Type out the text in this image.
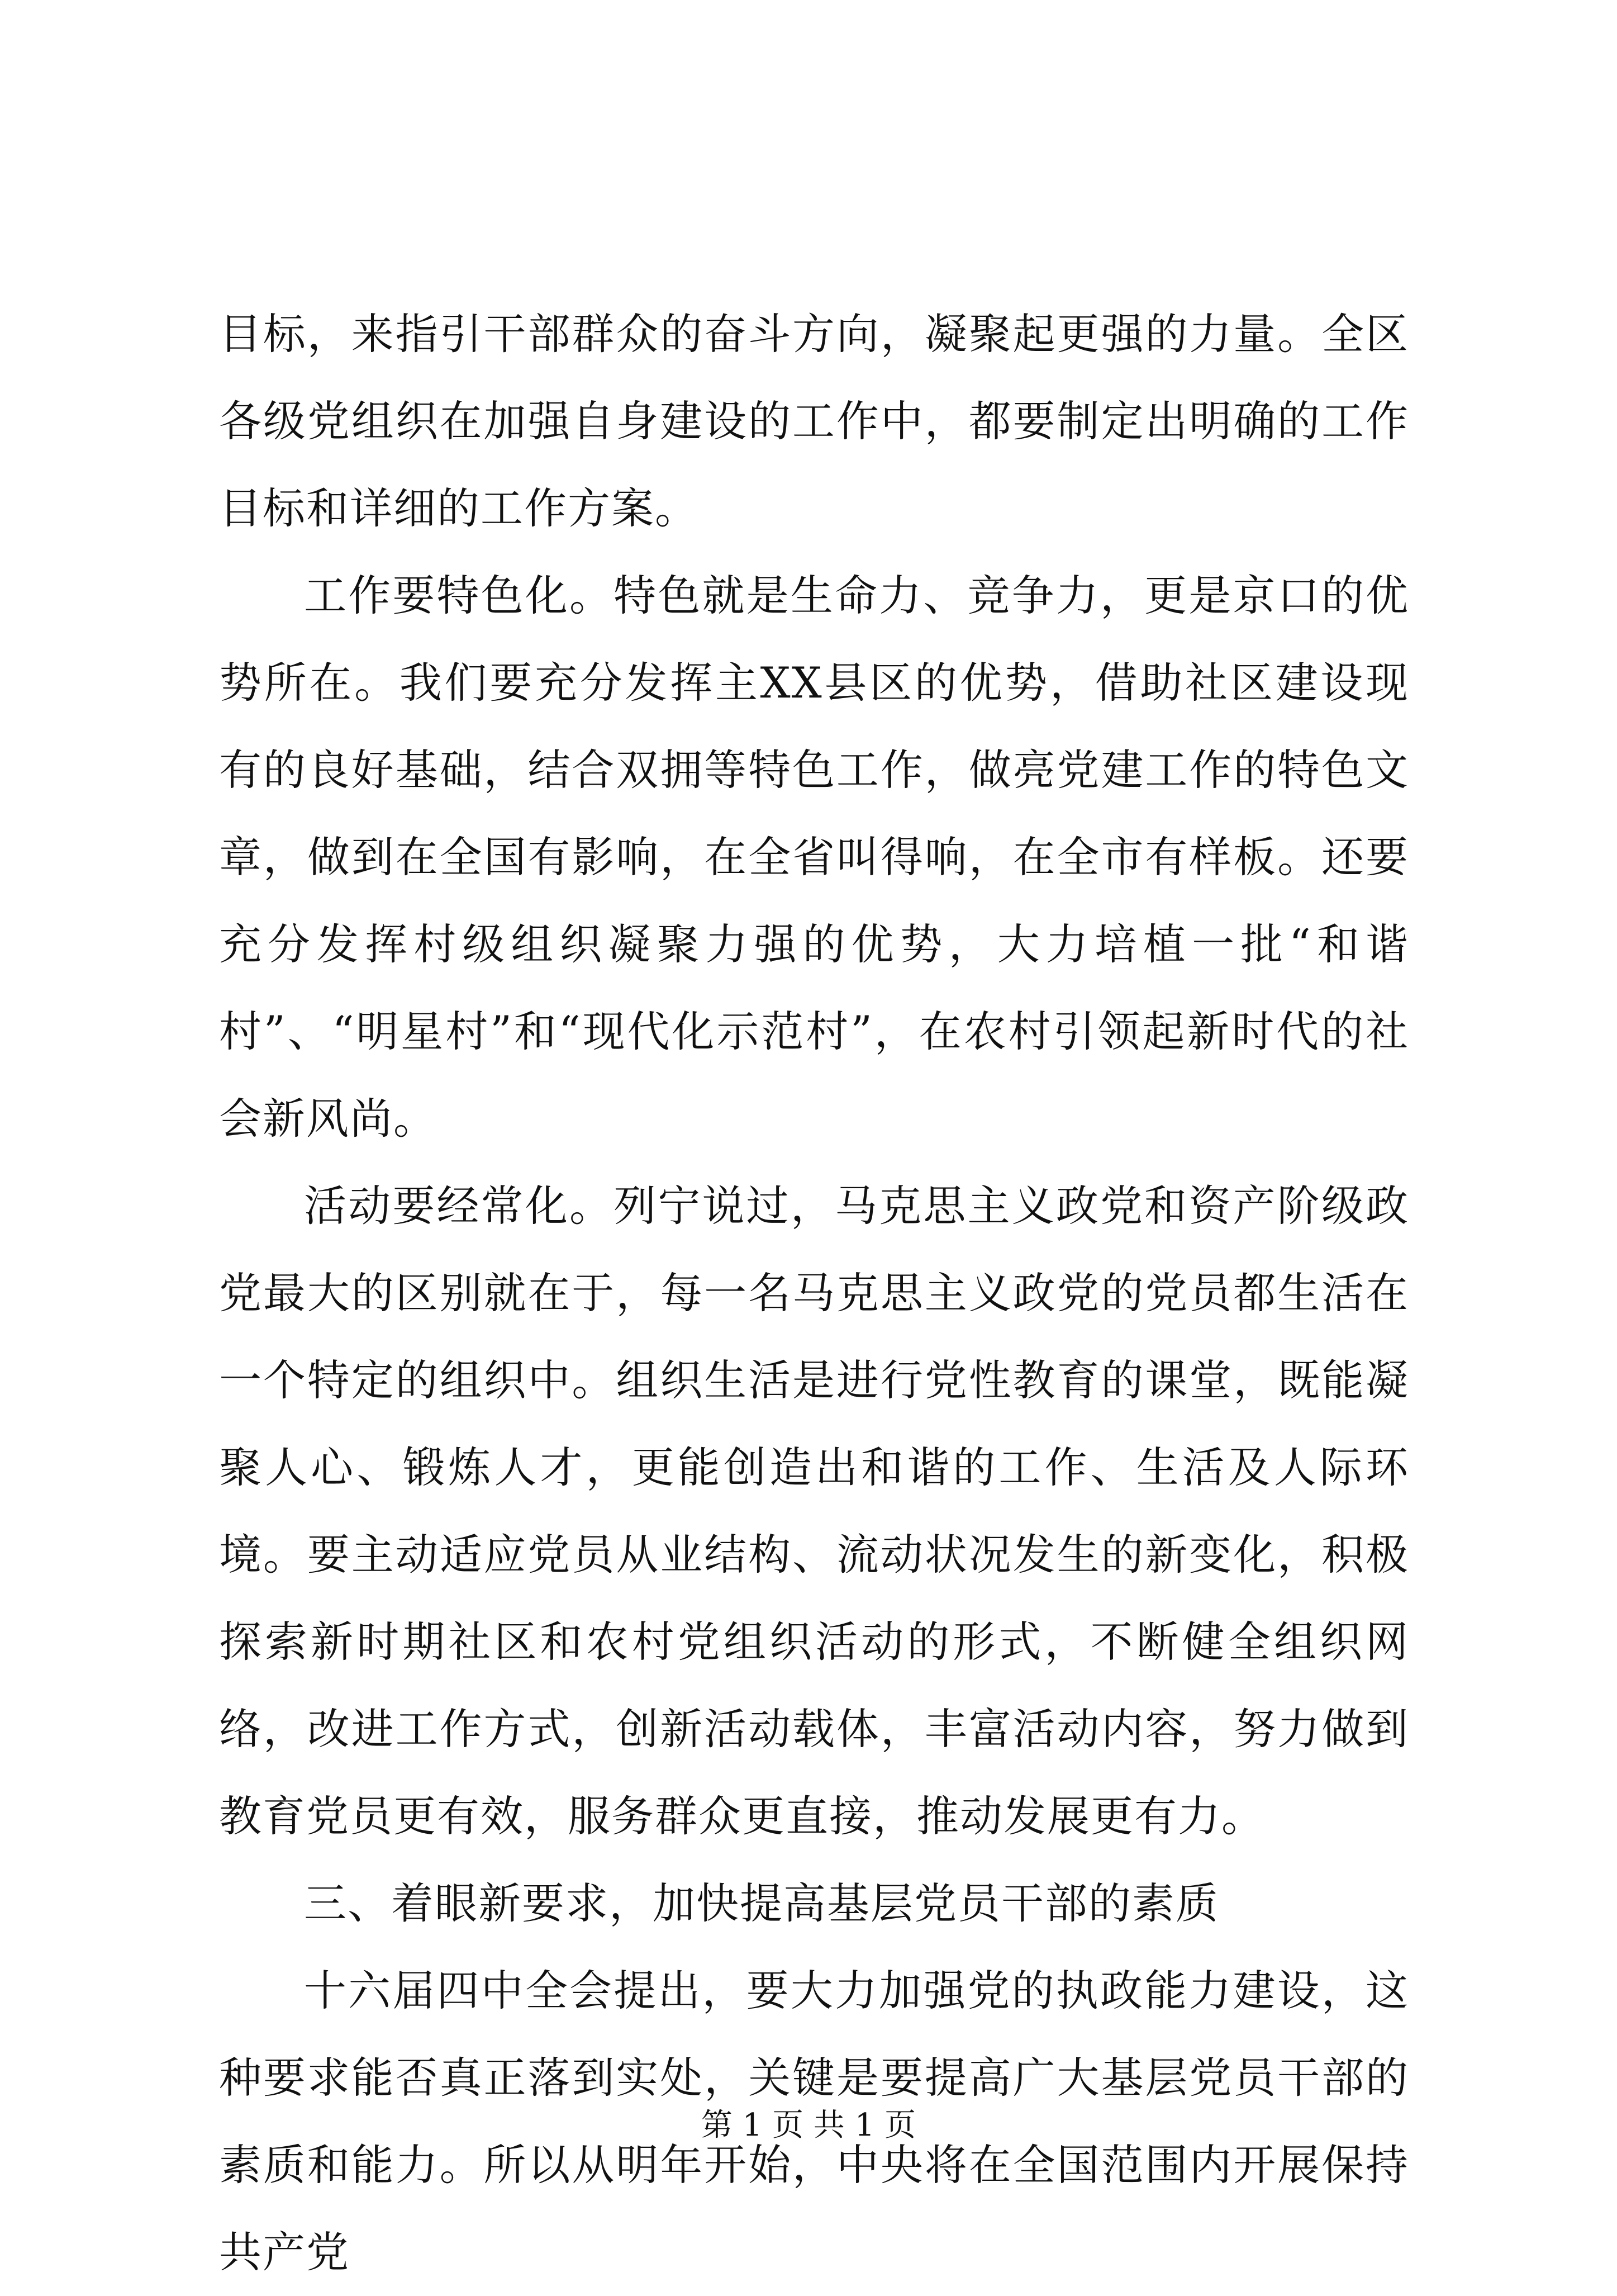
目标，来指引干部群众的奋斗方向，凝聚起更强的力量。全区各级党组织在加强自身建设的工作中，都要制定出明确的工作目标和详细的工作方案。

工作要特色化。特色就是生命力、竞争力，更是京口的优势所在。我们要充分发挥主XX县区的优势，借助社区建设现有的良好基础，结合双拥等特色工作，做亮党建工作的特色文章，做到在全国有影响，在全省叫得响，在全市有样板。还要充分发挥村级组织凝聚力强的优势，大力培植一批“和谐村”、“明星村”和“现代化示范村”，在农村引领起新时代的社会新风尚。

活动要经常化。列宁说过，马克思主义政党和资产阶级政党最大的区别就在于，每一名马克思主义政党的党员都生活在一个特定的组织中。组织生活是进行党性教育的课堂，既能凝聚人心、锻炼人才，更能创造出和谐的工作、生活及人际环境。要主动适应党员从业结构、流动状况发生的新变化，积极探索新时期社区和农村党组织活动的形式，不断健全组织网络，改进工作方式，创新活动载体，丰富活动内容，努力做到教育党员更有效，服务群众更直接，推动发展更有力。

三、着眼新要求，加快提高基层党员干部的素质

十六届四中全会提出，要大力加强党的执政能力建设，这种要求能否真正落到实处，关键是要提高广大基层党员干部的素质和能力。所以从明年开始，中央将在全国范围内开展保持共产党

第 1 页 共 1 页
